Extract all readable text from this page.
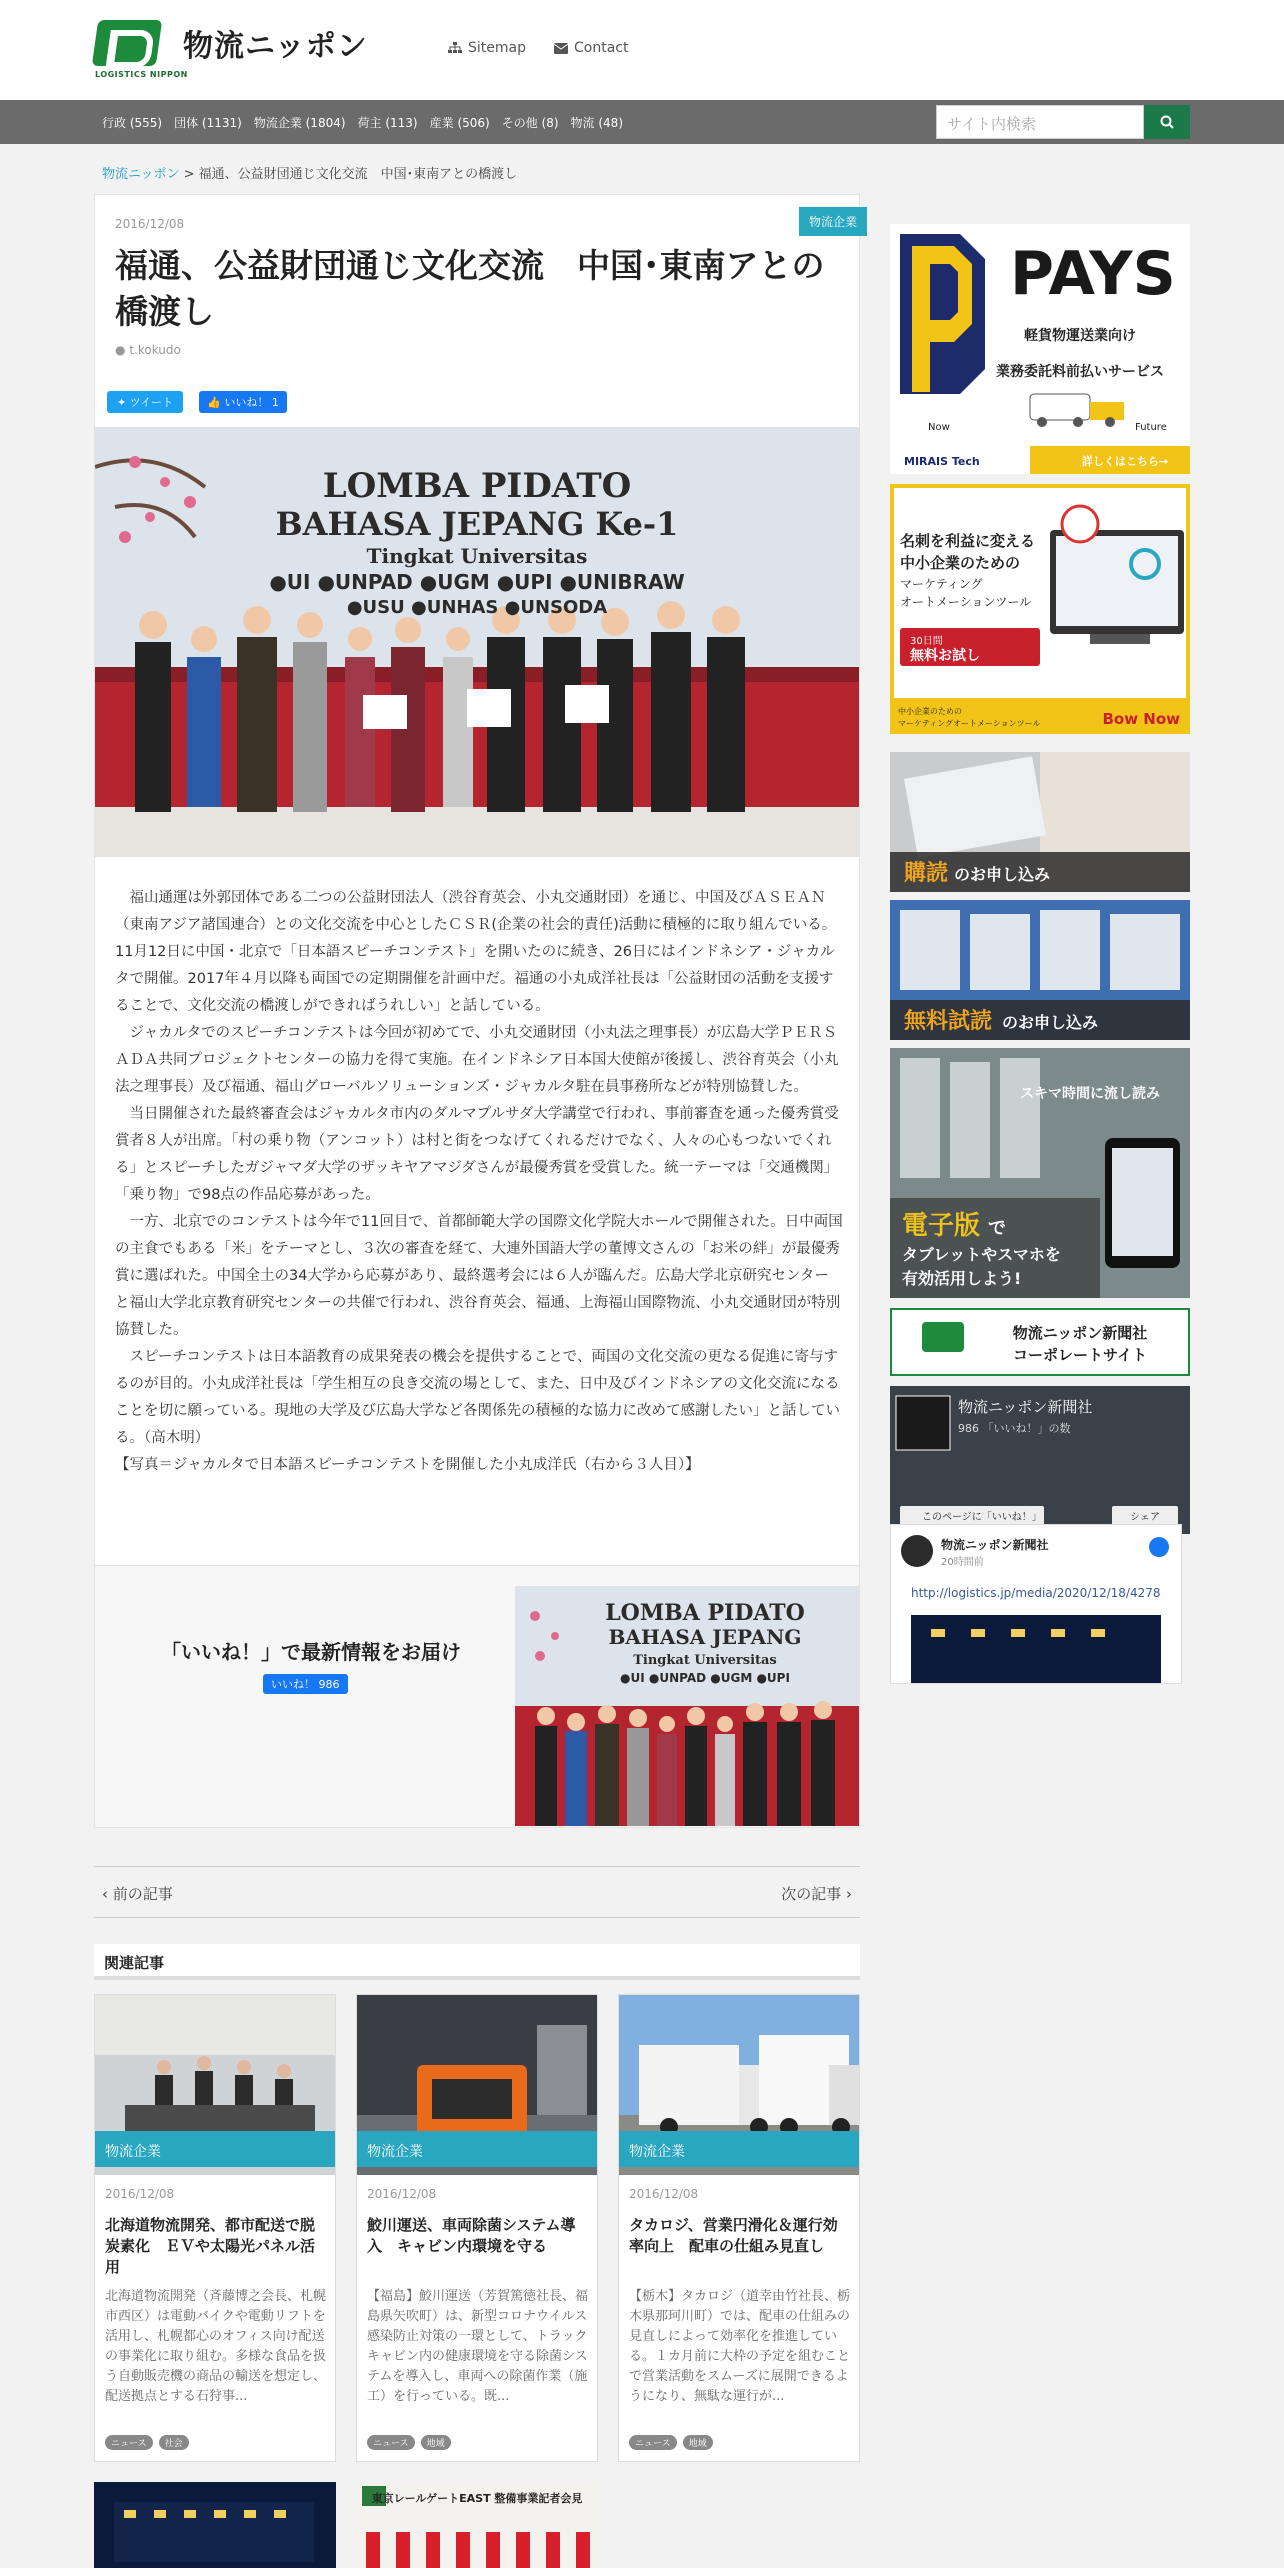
LOGISTICS NIPPON
物流ニッポン	Sitemap	Contact
行政 (555) 団体 (1131) 物流企業 (1804) 荷主 (113) 産業 (506) その他 (8) 物流 (48)	サイト内検索
物流ニッポン > 福通、公益財団通じ文化交流　中国･東南アとの橋渡し
物流企業
2016/12/08
福通、公益財団通じ文化交流　中国･東南アとの橋渡し
● t.kokudo
✦ ツイート	👍 いいね！ 1
LOMBA PIDATO
BAHASA JEPANG Ke-1
Tingkat Universitas
●UI ●UNPAD ●UGM ●UPI ●UNIBRAW
●USU ●UNHAS ●UNSODA

福山通運は外郭団体である二つの公益財団法人（渋谷育英会、小丸交通財団）を通じ、中国及びＡＳＥＡＮ（東南アジア諸国連合）との文化交流を中心としたＣＳＲ(企業の社会的責任)活動に積極的に取り組んでいる。11月12日に中国・北京で「日本語スピーチコンテスト」を開いたのに続き、26日にはインドネシア・ジャカルタで開催。2017年４月以降も両国での定期開催を計画中だ。福通の小丸成洋社長は「公益財団の活動を支援することで、文化交流の橋渡しができればうれしい」と話している。

ジャカルタでのスピーチコンテストは今回が初めてで、小丸交通財団（小丸法之理事長）が広島大学ＰＥＲＳＡＤＡ共同プロジェクトセンターの協力を得て実施。在インドネシア日本国大使館が後援し、渋谷育英会（小丸法之理事長）及び福通、福山グローバルソリューションズ・ジャカルタ駐在員事務所などが特別協賛した。

当日開催された最終審査会はジャカルタ市内のダルマプルサダ大学講堂で行われ、事前審査を通った優秀賞受賞者８人が出席。「村の乗り物（アンコット）は村と街をつなげてくれるだけでなく、人々の心もつないでくれる」とスピーチしたガジャマダ大学のザッキヤアマジダさんが最優秀賞を受賞した。統一テーマは「交通機関」「乗り物」で98点の作品応募があった。

一方、北京でのコンテストは今年で11回目で、首都師範大学の国際文化学院大ホールで開催された。日中両国の主食でもある「米」をテーマとし、３次の審査を経て、大連外国語大学の董博文さんの「お米の絆」が最優秀賞に選ばれた。中国全土の34大学から応募があり、最終選考会には６人が臨んだ。広島大学北京研究センターと福山大学北京教育研究センターの共催で行われ、渋谷育英会、福通、上海福山国際物流、小丸交通財団が特別協賛した。

スピーチコンテストは日本語教育の成果発表の機会を提供することで、両国の文化交流の更なる促進に寄与するのが目的。小丸成洋社長は「学生相互の良き交流の場として、また、日中及びインドネシアの文化交流になることを切に願っている。現地の大学及び広島大学など各関係先の積極的な協力に改めて感謝したい」と話している。（高木明）

【写真＝ジャカルタで日本語スピーチコンテストを開催した小丸成洋氏（右から３人目）】
「いいね！」で最新情報をお届け
いいね！ 986
LOMBA PIDATO
BAHASA JEPANG
Tingkat Universitas
●UI ●UNPAD ●UGM ●UPI
‹ 前の記事	次の記事 ›
関連記事
物流企業
2016/12/08
北海道物流開発、都市配送で脱炭素化　ＥＶや太陽光パネル活用
北海道物流開発（斉藤博之会長、札幌市西区）は電動バイクや電動リフトを活用し、札幌都心のオフィス向け配送の事業化に取り組む。多様な食品を扱う自動販売機の商品の輸送を想定し、配送拠点とする石狩事...
ニュース	社会
物流企業
2016/12/08
鮫川運送、車両除菌システム導入　キャビン内環境を守る
【福島】鮫川運送（芳賀篤徳社長、福島県矢吹町）は、新型コロナウイルス感染防止対策の一環として、トラックキャビン内の健康環境を守る除菌システムを導入し、車両への除菌作業（施工）を行っている。既...
ニュース	地域
物流企業
2016/12/08
タカロジ、営業円滑化＆運行効率向上　配車の仕組み見直し
【栃木】タカロジ（道幸由竹社長、栃木県那珂川町）では、配車の仕組みの見直しによって効率化を推進している。１カ月前に大枠の予定を組むことで営業活動をスムーズに展開できるようになり、無駄な運行が...
ニュース	地域
東京レールゲートEAST 整備事業記者会見
PAYS
軽貨物運送業向け
業務委託料前払いサービス
Now	Future
MIRAIS Tech	詳しくはこちら→
名刺を利益に変える
中小企業のための
マーケティング
オートメーションツール
30日間
無料お試し
中小企業のための
マーケティングオートメーションツール	Bow Now
購読 のお申し込み
無料試読 のお申し込み
スキマ時間に流し読み
電子版 で
タブレットやスマホを
有効活用しよう!
物流ニッポン新聞社
コーポレートサイト
物流ニッポン新聞社
986 「いいね！」の数
このページに「いいね！」	シェア
物流ニッポン新聞社
20時間前
http://logistics.jp/media/2020/12/18/4278
